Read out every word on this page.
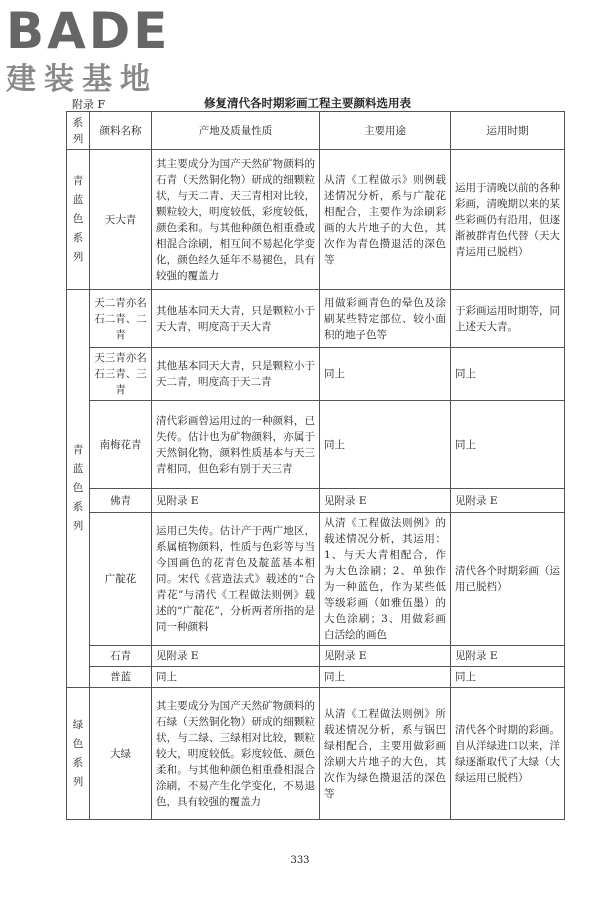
BADE
建装基地
附录 F	修复清代各时期彩画工程主要颜料选用表
系列	颜料名称	产地及质量性质	主要用途	运用时期
青蓝色系列	天大青	其主要成分为国产天然矿物颜料的石青（天然铜化物）研成的细颗粒状，与天二青、天三青相对比较，颗粒较大，明度较低，彩度较低，颜色柔和。与其他种颜色相重叠或相混合涂刷，相互间不易起化学变化，颜色经久延年不易褪色，具有较强的覆盖力	从清《工程做示》则例载述情况分析，系与广靛花相配合，主要作为涂刷彩画的大片地子的大色，其次作为青色攒退活的深色等	运用于清晚以前的各种彩画，清晚期以来的某些彩画仍有沿用，但逐渐被群青色代替（天大青运用已脱档）
青蓝色系列	天二青亦名石二青、二青	其他基本同天大青，只是颗粒小于天大青，明度高于天大青	用做彩画青色的晕色及涂刷某些特定部位、较小面积的地子色等	于彩画运用时期等，同上述天大青。
	天三青亦名石三青、三青	其他基本同天大青，只是颗粒小于天二青，明度高于天二青	同上	同上
	南梅花青	清代彩画曾运用过的一种颜料，已失传。估计也为矿物颜料，亦属于天然铜化物，颜料性质基本与天三青相同，但色彩有别于天三青	同上	同上
	佛青	见附录 E	见附录 E	见附录 E
	广靛花	运用已失传。估计产于两广地区，系属植物颜料，性质与色彩等与当今国画色的花青色及靛蓝基本相同。宋代《营造法式》载述的“合青花”与清代《工程做法则例》载述的“广靛花”，分析两者所指的是同一种颜料	从清《工程做法则例》的载述情况分析，其运用：1、与天大青相配合，作为大色涂刷；2、单独作为一种蓝色，作为某些低等级彩画（如雅伍墨）的大色涂刷；3、用做彩画白活绘的画色	清代各个时期彩画（运用已脱档）
	石青	见附录 E	见附录 E	见附录 E
	普蓝	同上	同上	同上
绿色系列	大绿	其主要成分为国产天然矿物颜料的石绿（天然铜化物）研成的细颗粒状，与二绿、三绿相对比较，颗粒较大，明度较低。彩度较低、颜色柔和。与其他种颜色相重叠相混合涂刷，不易产生化学变化，不易退色，具有较强的覆盖力	从清《工程做法则例》所载述情况分析，系与锅巴绿相配合，主要用做彩画涂刷大片地子的大色，其次作为绿色攒退活的深色等	清代各个时期的彩画。自从洋绿进口以来，洋绿逐渐取代了大绿（大绿运用已脱档）
333
